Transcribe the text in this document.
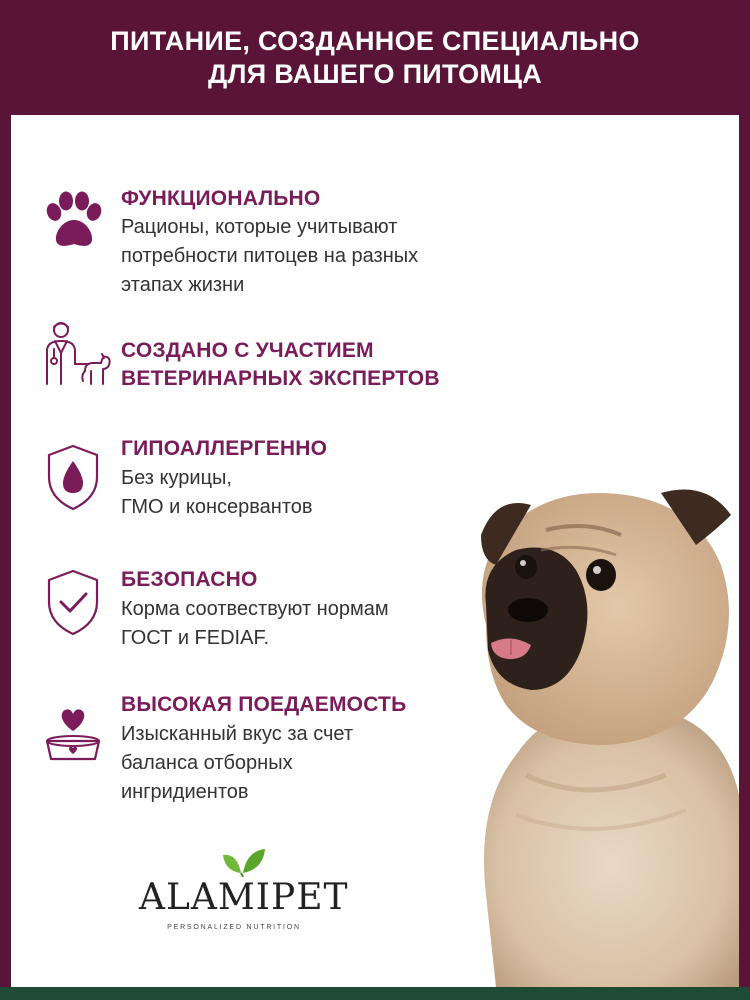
ПИТАНИЕ, СОЗДАННОЕ СПЕЦИАЛЬНО
ДЛЯ ВАШЕГО ПИТОМЦА
ФУНКЦИОНАЛЬНО
Рационы, которые учитывают
потребности питоцев на разных
этапах жизни
СОЗДАНО С УЧАСТИЕМ
ВЕТЕРИНАРНЫХ ЭКСПЕРТОВ
ГИПОАЛЛЕРГЕННО
Без курицы,
ГМО и консервантов
БЕЗОПАСНО
Корма соотвествуют нормам
ГОСТ и FEDIAF.
ВЫСОКАЯ ПОЕДАЕМОСТЬ
Изысканный вкус за счет
баланса отборных
ингридиентов
ALAMIPET
PERSONALIZED NUTRITION
